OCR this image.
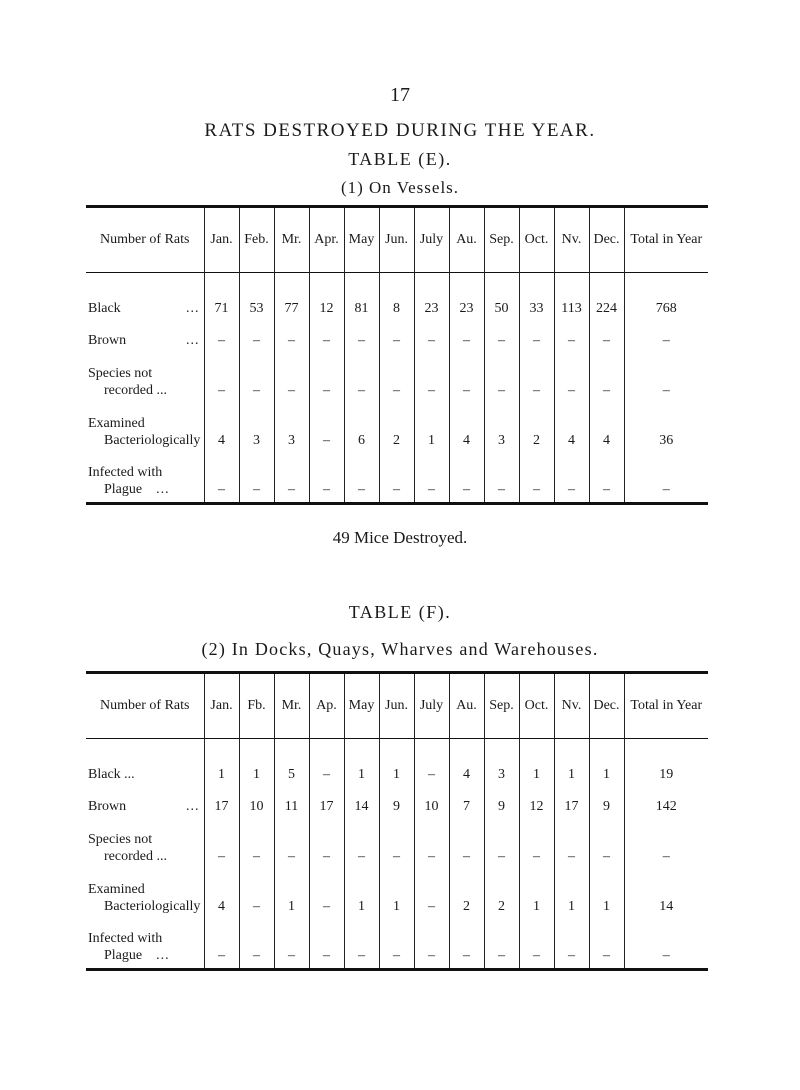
17
RATS DESTROYED DURING THE YEAR.
TABLE (E).
(1) On Vessels.
Number of Rats	Jan.	Feb.	Mr.	Apr.	May	Jun.	July	Au.	Sep.	Oct.	Nv.	Dec.	Total in Year

...
Black	71	53	77	12	81	8	23	23	50	33	113	224	768

...
Brown	–	–	–	–	–	–	–	–	–	–	–	–	–

Species not
recorded ...	–	–	–	–	–	–	–	–	–	–	–	–	–

Examined
Bacteriologically	4	3	3	–	6	2	1	4	3	2	4	4	36

Infected with
Plague ...	–	–	–	–	–	–	–	–	–	–	–	–	–
49 Mice Destroyed.
TABLE (F).
(2) In Docks, Quays, Wharves and Warehouses.
Number of Rats	Jan.	Fb.	Mr.	Ap.	May	Jun.	July	Au.	Sep.	Oct.	Nv.	Dec.	Total in Year

Black ...	1	1	5	–	1	1	–	4	3	1	1	1	19

...
Brown	17	10	11	17	14	9	10	7	9	12	17	9	142

Species not
recorded ...	–	–	–	–	–	–	–	–	–	–	–	–	–

Examined
Bacteriologically	4	–	1	–	1	1	–	2	2	1	1	1	14

Infected with
Plague ...	–	–	–	–	–	–	–	–	–	–	–	–	–
